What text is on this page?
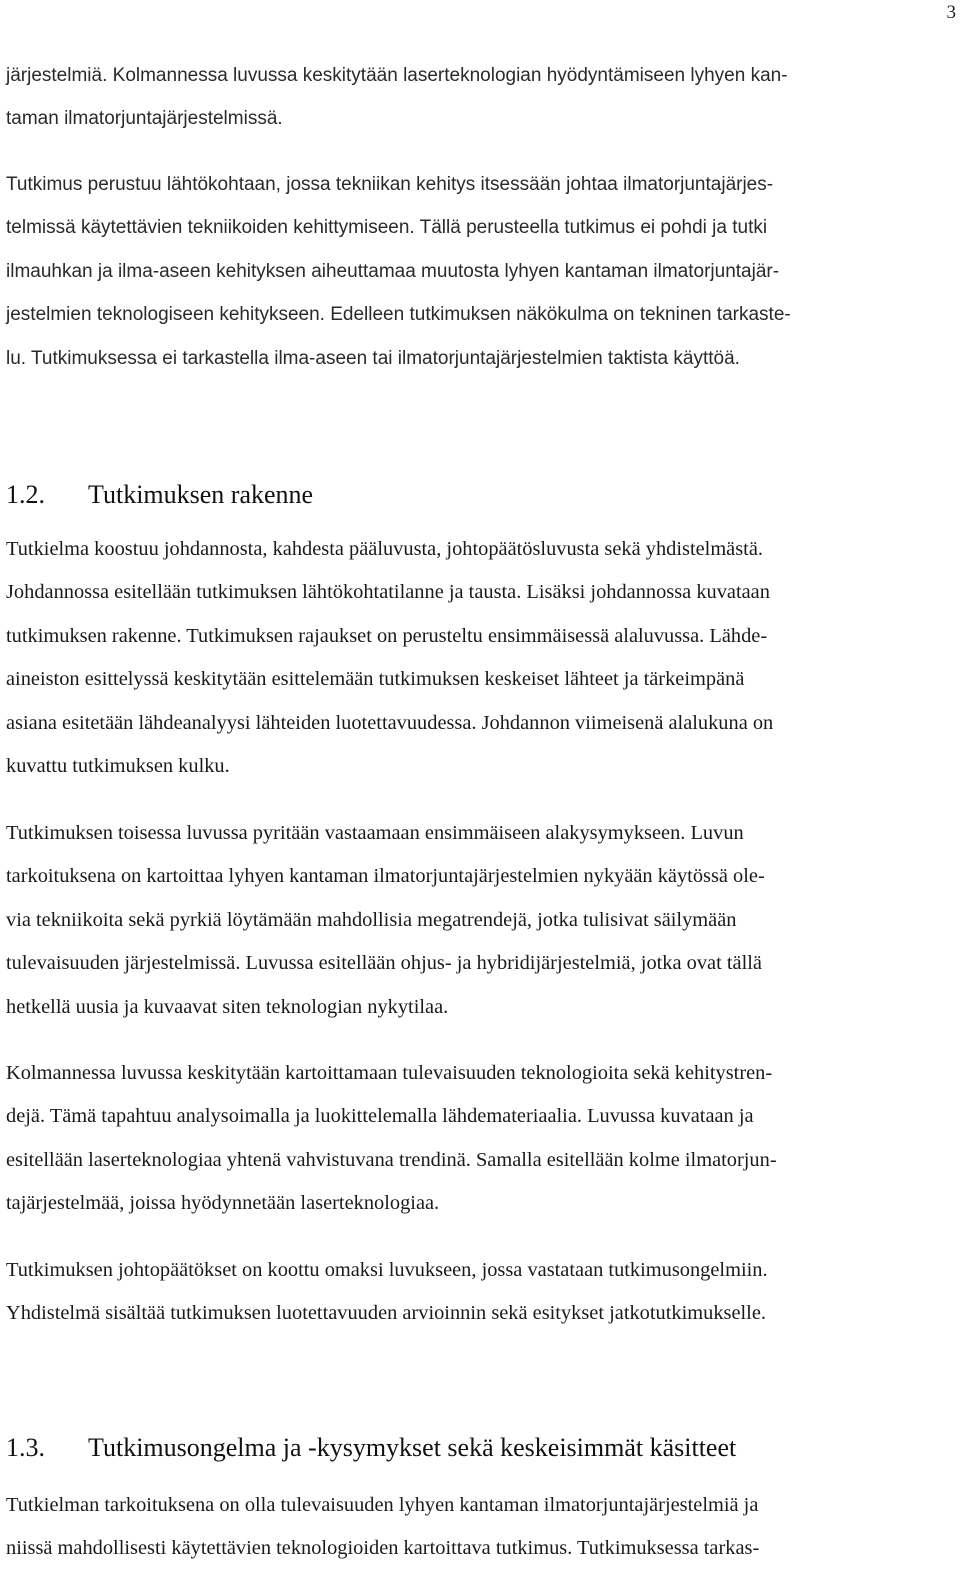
3

järjestelmiä. Kolmannessa luvussa keskitytään laserteknologian hyödyntämiseen lyhyen kan-
taman ilmatorjuntajärjestelmissä.

Tutkimus perustuu lähtökohtaan, jossa tekniikan kehitys itsessään johtaa ilmatorjuntajärjes-
telmissä käytettävien tekniikoiden kehittymiseen. Tällä perusteella tutkimus ei pohdi ja tutki
ilmauhkan ja ilma-aseen kehityksen aiheuttamaa muutosta lyhyen kantaman ilmatorjuntajär-
jestelmien teknologiseen kehitykseen. Edelleen tutkimuksen näkökulma on tekninen tarkaste-
lu. Tutkimuksessa ei tarkastella ilma-aseen tai ilmatorjuntajärjestelmien taktista käyttöä.

1.2. Tutkimuksen rakenne

Tutkielma koostuu johdannosta, kahdesta pääluvusta, johtopäätösluvusta sekä yhdistelmästä.
Johdannossa esitellään tutkimuksen lähtökohtatilanne ja tausta. Lisäksi johdannossa kuvataan
tutkimuksen rakenne. Tutkimuksen rajaukset on perusteltu ensimmäisessä alaluvussa. Lähde-
aineiston esittelyssä keskitytään esittelemään tutkimuksen keskeiset lähteet ja tärkeimpänä
asiana esitetään lähdeanalyysi lähteiden luotettavuudessa. Johdannon viimeisenä alalukuna on
kuvattu tutkimuksen kulku.

Tutkimuksen toisessa luvussa pyritään vastaamaan ensimmäiseen alakysymykseen. Luvun
tarkoituksena on kartoittaa lyhyen kantaman ilmatorjuntajärjestelmien nykyään käytössä ole-
via tekniikoita sekä pyrkiä löytämään mahdollisia megatrendejä, jotka tulisivat säilymään
tulevaisuuden järjestelmissä. Luvussa esitellään ohjus- ja hybridijärjestelmiä, jotka ovat tällä
hetkellä uusia ja kuvaavat siten teknologian nykytilaa.

Kolmannessa luvussa keskitytään kartoittamaan tulevaisuuden teknologioita sekä kehitystren-
dejä. Tämä tapahtuu analysoimalla ja luokittelemalla lähdemateriaalia. Luvussa kuvataan ja
esitellään laserteknologiaa yhtenä vahvistuvana trendinä. Samalla esitellään kolme ilmatorjun-
tajärjestelmää, joissa hyödynnetään laserteknologiaa.

Tutkimuksen johtopäätökset on koottu omaksi luvukseen, jossa vastataan tutkimusongelmiin.
Yhdistelmä sisältää tutkimuksen luotettavuuden arvioinnin sekä esitykset jatkotutkimukselle.

1.3. Tutkimusongelma ja -kysymykset sekä keskeisimmät käsitteet

Tutkielman tarkoituksena on olla tulevaisuuden lyhyen kantaman ilmatorjuntajärjestelmiä ja
niissä mahdollisesti käytettävien teknologioiden kartoittava tutkimus. Tutkimuksessa tarkas-
